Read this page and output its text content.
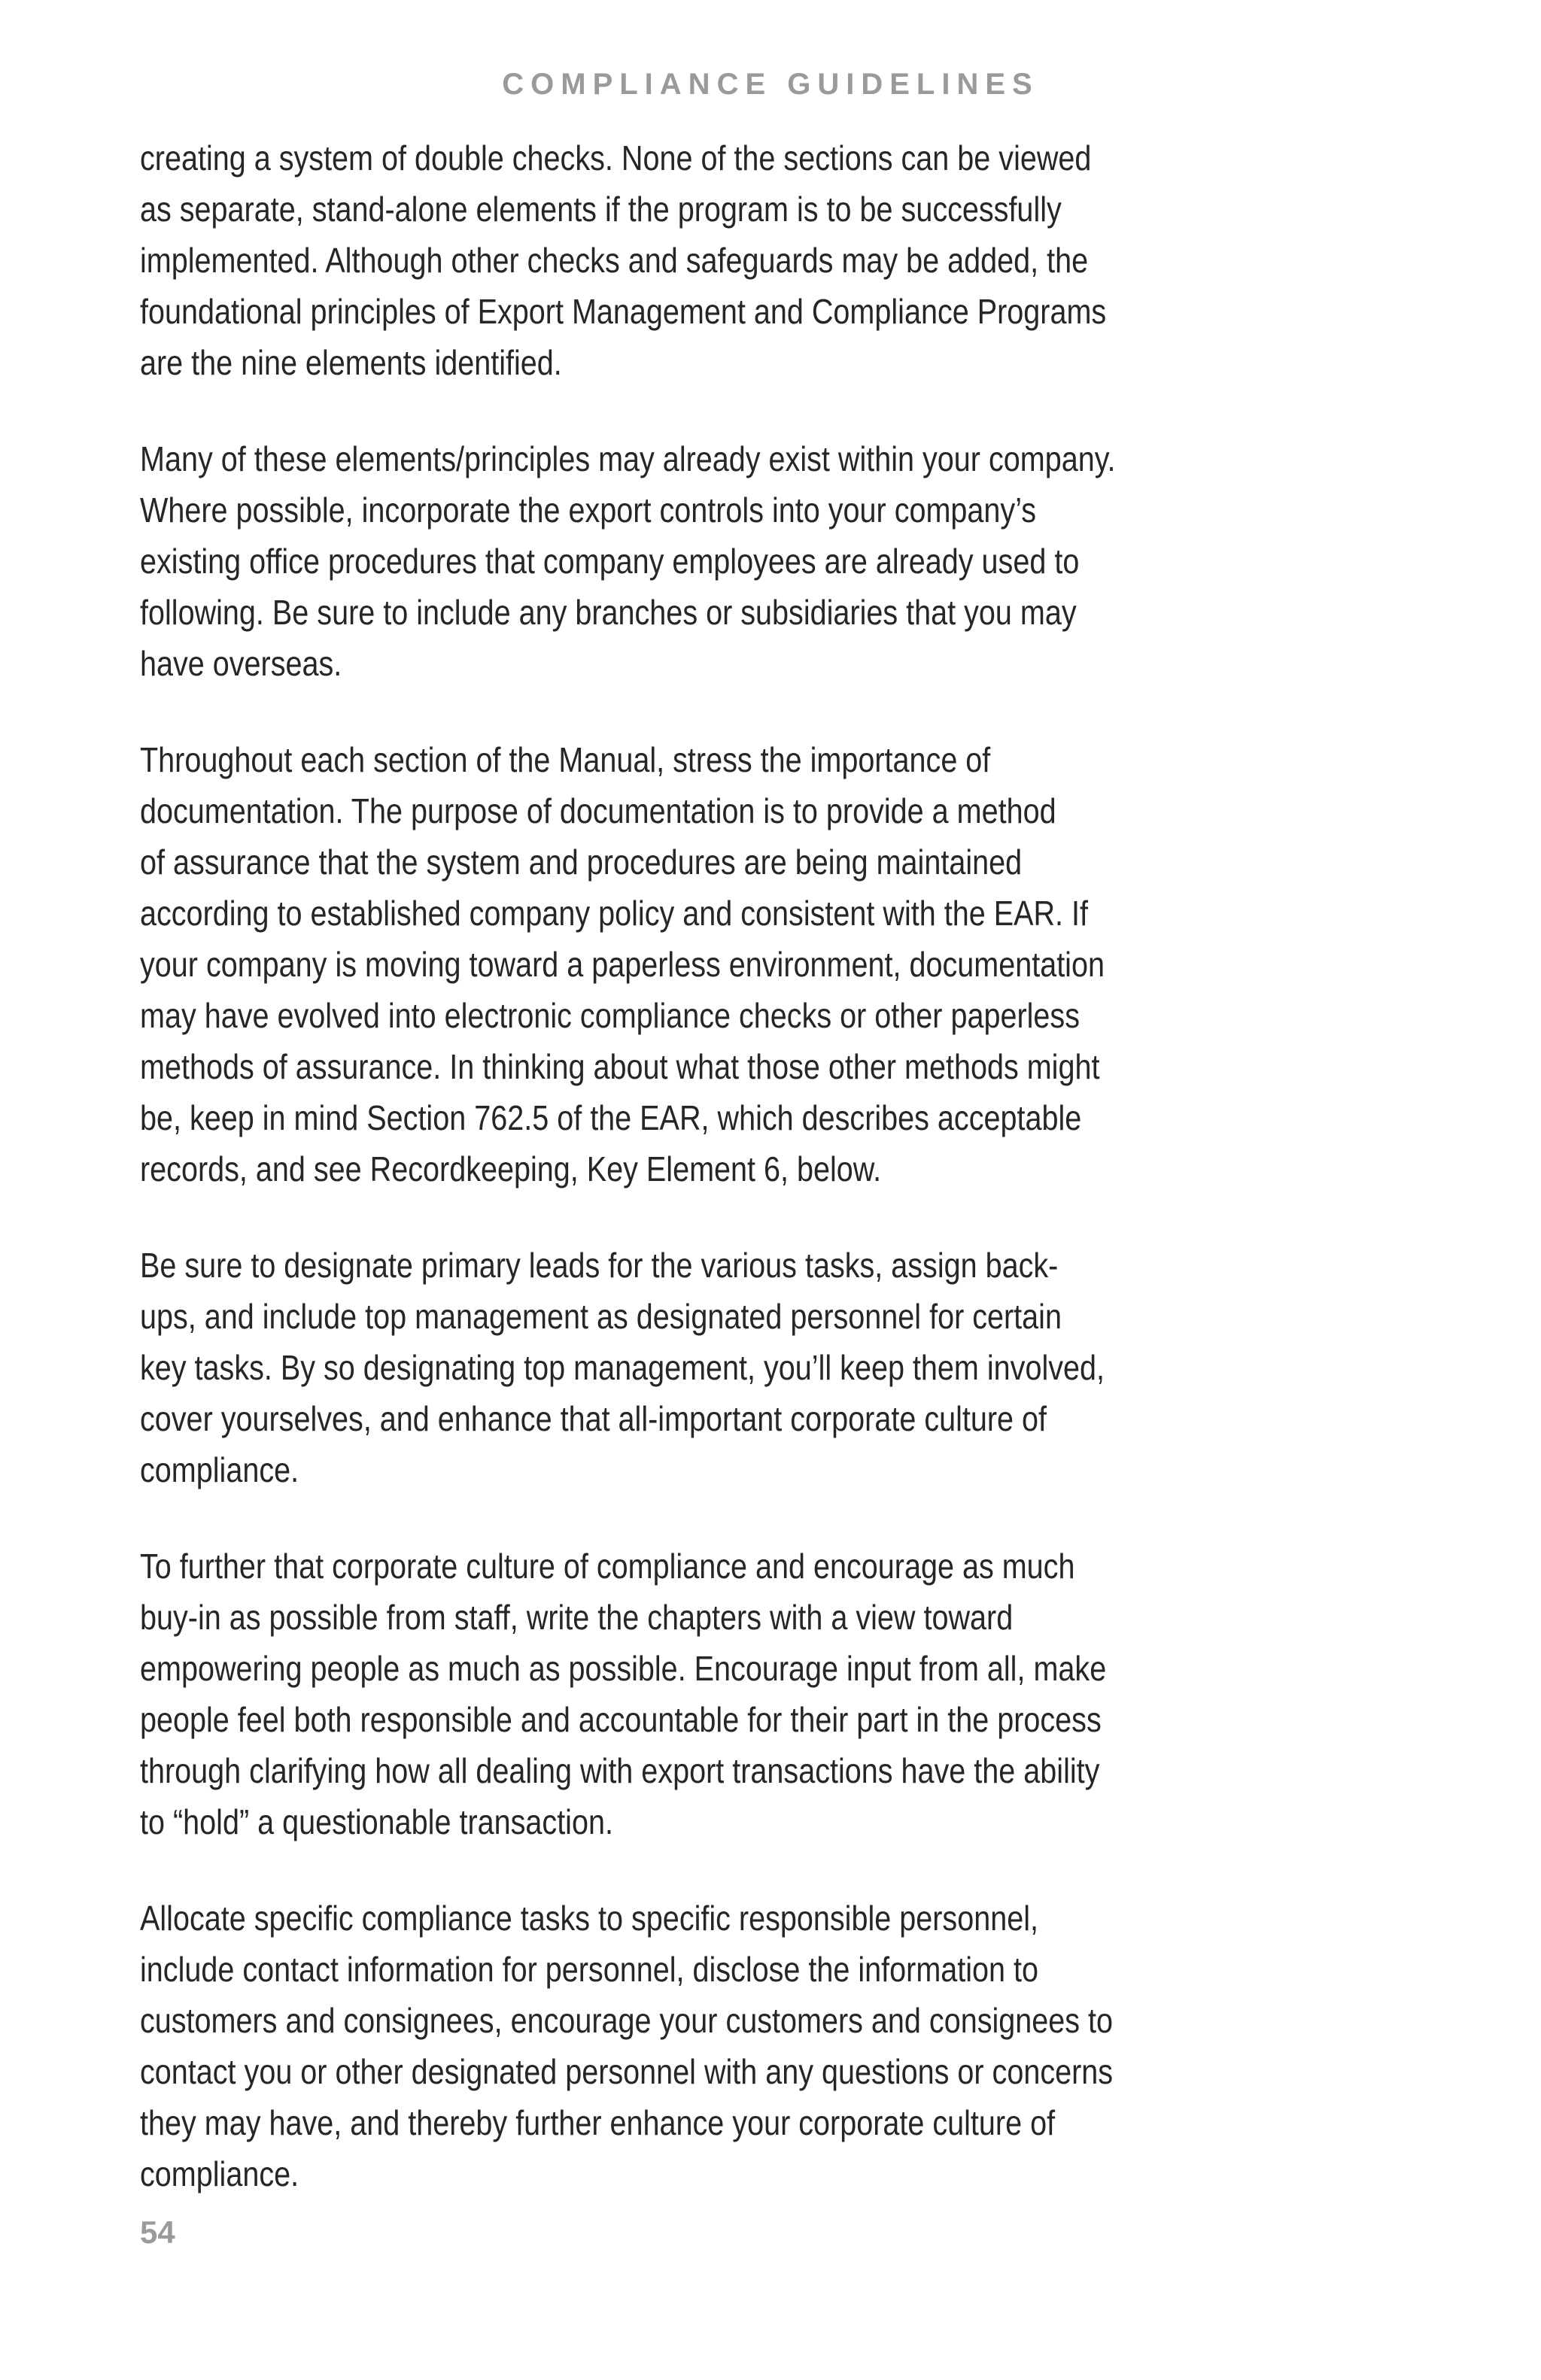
COMPLIANCE GUIDELINES

creating a system of double checks. None of the sections can be viewed
as separate, stand-alone elements if the program is to be successfully
implemented. Although other checks and safeguards may be added, the
foundational principles of Export Management and Compliance Programs
are the nine elements identified.

Many of these elements/principles may already exist within your company.
Where possible, incorporate the export controls into your company’s
existing office procedures that company employees are already used to
following. Be sure to include any branches or subsidiaries that you may
have overseas.

Throughout each section of the Manual, stress the importance of
documentation. The purpose of documentation is to provide a method
of assurance that the system and procedures are being maintained
according to established company policy and consistent with the EAR. If
your company is moving toward a paperless environment, documentation
may have evolved into electronic compliance checks or other paperless
methods of assurance. In thinking about what those other methods might
be, keep in mind Section 762.5 of the EAR, which describes acceptable
records, and see Recordkeeping, Key Element 6, below.

Be sure to designate primary leads for the various tasks, assign back-
ups, and include top management as designated personnel for certain
key tasks. By so designating top management, you’ll keep them involved,
cover yourselves, and enhance that all-important corporate culture of
compliance.

To further that corporate culture of compliance and encourage as much
buy-in as possible from staff, write the chapters with a view toward
empowering people as much as possible. Encourage input from all, make
people feel both responsible and accountable for their part in the process
through clarifying how all dealing with export transactions have the ability
to “hold” a questionable transaction.

Allocate specific compliance tasks to specific responsible personnel,
include contact information for personnel, disclose the information to
customers and consignees, encourage your customers and consignees to
contact you or other designated personnel with any questions or concerns
they may have, and thereby further enhance your corporate culture of
compliance.

54
